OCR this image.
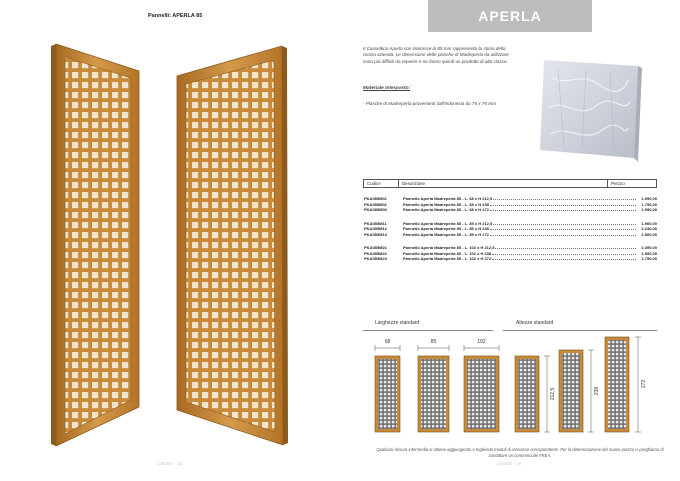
Pannelli: APERLA 85	APERLA
Il Cassettino Aperla con interasse di 85 mm rappresenta la storia della nostra azienda. Le dimensione delle plasche di Madreperla da utilizzare sono più difficili da reperire e ne fanno quindi un prodotto di alta classe.
Materiale Interposto:
- Plasche di Madreperla provenienti dall'indonesia da 75 x 75 mm
Codice	Descrizione	Prezzo
PKA085M01	Pannello Aperla Madreperla 85 - L. 68 x H 212,5	1.590,00
PKA085M02	Pannello Aperla Madreperla 85 - L. 68 x H 238	1.790,00
PKA085M03	Pannello Aperla Madreperla 85 - L. 68 x H 272	1.990,00
PKA085M11	Pannello Aperla Madreperla 85 - L. 85 x H 212,5	1.960,00
PKA085M12	Pannello Aperla Madreperla 85 - L. 85 x H 238	2.240,00
PKA085M13	Pannello Aperla Madreperla 85 - L. 85 x H 272	2.560,00
PKA085M21	Pannello Aperla Madreperla 85 - L. 102 x H 212,5	2.390,00
PKA085M22	Pannello Aperla Madreperla 85 - L. 102 x H 238	2.590,00
PKA085M23	Pannello Aperla Madreperla 85 - L. 102 x H 272	2.790,00
Larghezze standard	Altezze standard
68	85	102
212,5	238
272
Qualsiasi misura intermedia si ottiene aggiungendo o togliendo moduli di interasse corrispondente. Per la determinazione del nuovo prezzo vi preghiamo di contattare un commerciale FREA.
LEGNO - 18	LEGNO - 19
